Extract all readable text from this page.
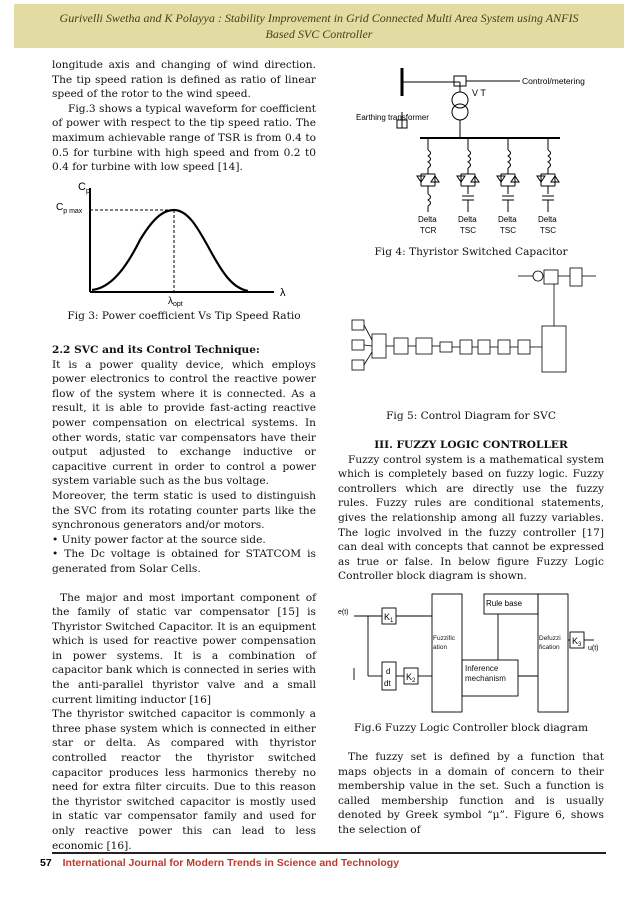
Gurivelli Swetha and K Polayya : Stability Improvement in Grid Connected Multi Area System using ANFIS Based SVC Controller

longitude axis and changing of wind direction. The tip speed ration is defined as ratio of linear speed of the rotor to the wind speed.

Fig.3 shows a typical waveform for coefficient of power with respect to the tip speed ratio. The maximum achievable range of TSR is from 0.4 to 0.5 for turbine with high speed and from 0.2 t0 0.4 for turbine with low speed [14].

$C_p$
$C_{p max}$
λ
$\lambda_{opt}$
Fig 3: Power coefficient Vs Tip Speed Ratio

2.2 SVC and its Control Technique:

It is a power quality device, which employs power electronics to control the reactive power flow of the system where it is connected. As a result, it is able to provide fast-acting reactive power compensation on electrical systems. In other words, static var compensators have their output adjusted to exchange inductive or capacitive current in order to control a power system variable such as the bus voltage.

Moreover, the term static is used to distinguish the SVC from its rotating counter parts like the synchronous generators and/or motors.

• Unity power factor at the source side.

• The Dc voltage is obtained for STATCOM is generated from Solar Cells.

The major and most important component of the family of static var compensator [15] is Thyristor Switched Capacitor. It is an equipment which is used for reactive power compensation in power systems. It is a combination of capacitor bank which is connected in series with the anti-parallel thyristor valve and a small current limiting inductor [16]

The thyristor switched capacitor is commonly a three phase system which is connected in either star or delta. As compared with thyristor controlled reactor the thyristor switched capacitor produces less harmonics thereby no need for extra filter circuits. Due to this reason the thyristor switched capacitor is mostly used in static var compensator family and used for only reactive power this can lead to less economic [16].

V T
Control/metering
Earthing transformer
Delta
TCR
Delta
TSC
Delta
TSC
Delta
TSC
Fig 4: Thyristor Switched Capacitor
Fig 5: Control Diagram for SVC

III. FUZZY LOGIC CONTROLLER

Fuzzy control system is a mathematical system which is completely based on fuzzy logic. Fuzzy controllers which are directly use the fuzzy rules. Fuzzy rules are conditional statements, gives the relationship among all fuzzy variables. The logic involved in the fuzzy controller [17] can deal with concepts that cannot be expressed as true or false. In below figure Fuzzy Logic Controller block diagram is shown.

e(t)	$K_1$
d
dt
$K_2$
Rule base
Fuzzific ation
Inference mechanism
Defuzzi fication
$K_3$ u(t)
Fig.6 Fuzzy Logic Controller block diagram

The fuzzy set is defined by a function that maps objects in a domain of concern to their membership value in the set. Such a function is called membership function and is usually denoted by Greek symbol “μ”. Figure 6, shows the selection of

57 International Journal for Modern Trends in Science and Technology
